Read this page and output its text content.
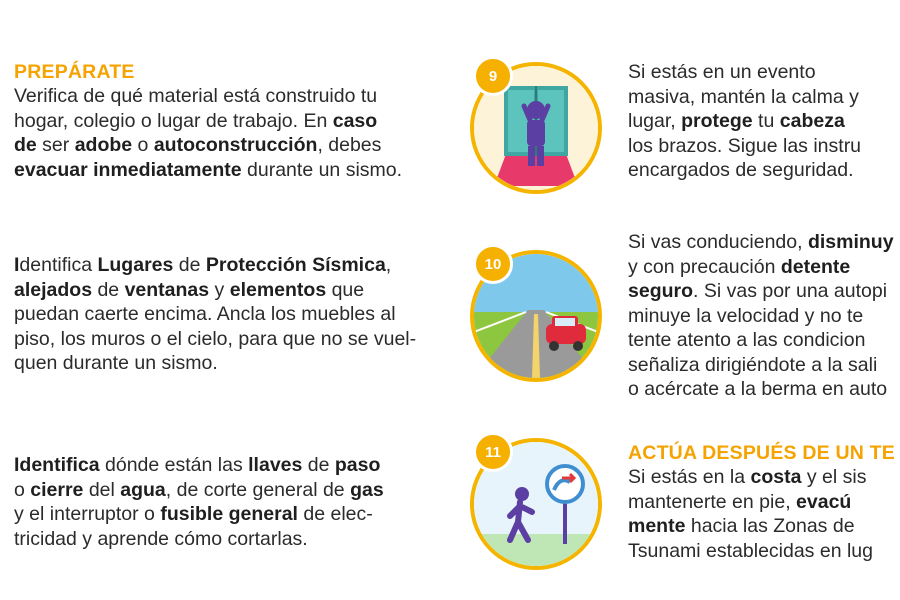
PREPÁRATE
Verifica de qué material está construido tu
hogar, colegio o lugar de trabajo. En caso
de ser adobe o autoconstrucción, debes
evacuar inmediatamente durante un sismo.
Identifica Lugares de Protección Sísmica,
alejados de ventanas y elementos que
puedan caerte encima. Ancla los muebles al
piso, los muros o el cielo, para que no se vuel-
quen durante un sismo.
Identifica dónde están las llaves de paso
o cierre del agua, de corte general de gas
y el interruptor o fusible general de elec-
tricidad y aprende cómo cortarlas.
9
10
11
Si estás en un evento
masiva, mantén la calma y
lugar, protege tu cabeza
los brazos. Sigue las instru
encargados de seguridad.
Si vas conduciendo, disminuy
y con precaución detente
seguro. Si vas por una autopi
minuye la velocidad y no te
tente atento a las condicion
señaliza dirigiéndote a la sali
o acércate a la berma en auto
ACTÚA DESPUÉS DE UN TE
Si estás en la costa y el sis
mantenerte en pie, evacú
mente hacia las Zonas de
Tsunami establecidas en lug
